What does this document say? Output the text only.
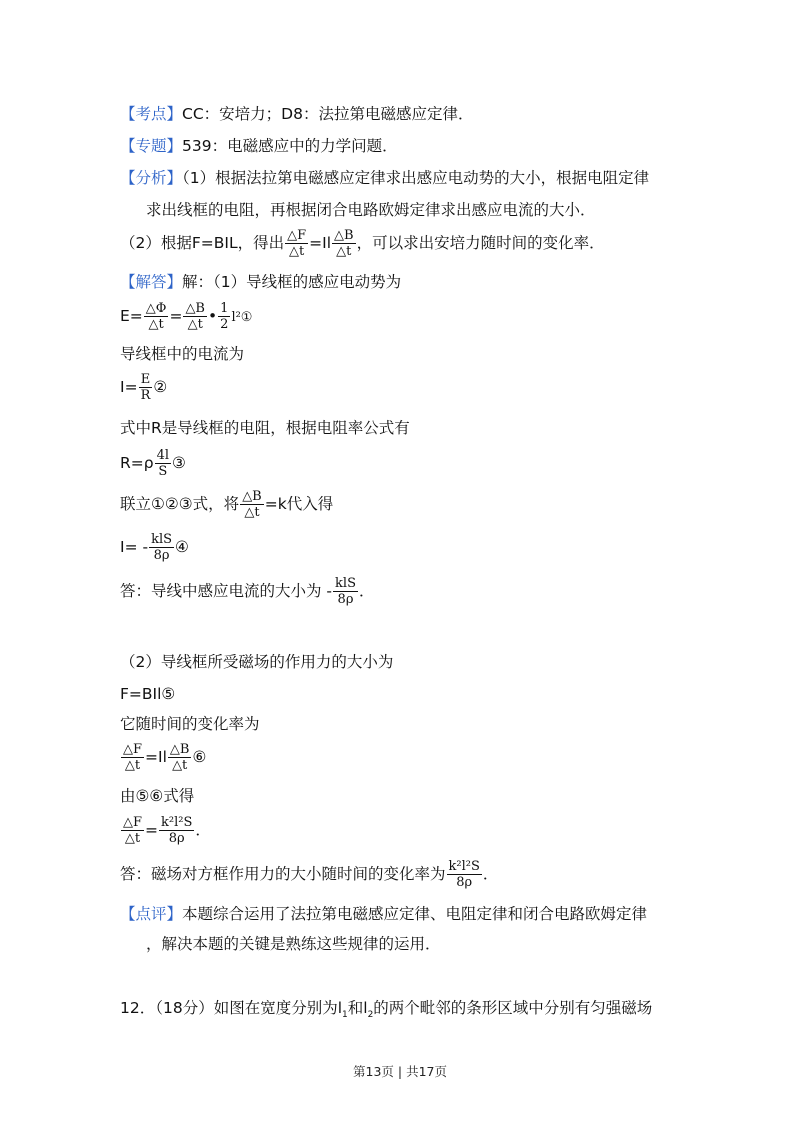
【考点】CC：安培力；D8：法拉第电磁感应定律．
【专题】539：电磁感应中的力学问题．
【分析】（1）根据法拉第电磁感应定律求出感应电动势的大小，根据电阻定律
求出线框的电阻，再根据闭合电路欧姆定律求出感应电流的大小．
（2）根据F=BIL，得出 $\frac{\triangle F}{\triangle t} =Il \frac{\triangle B}{\triangle t}$ ，可以求出安培力随时间的变化率．
【解答】解：（1）导线框的感应电动势为
$E= \frac{\triangle\Phi}{\triangle t} = \frac{\triangle B}{\triangle t}$ • $\frac{1}{2}$ l²①
导线框中的电流为
$I= \frac{E}{R}$ ②
式中R是导线框的电阻，根据电阻率公式有
$R=\rho \frac{4l}{S}$ ③
联立①②③式，将 $\frac{\triangle B}{\triangle t} =k$代入得
$I= - \frac{\text{klS}}{8\rho}$ ④
答：导线中感应电流的大小为 - $\frac{\text{klS}}{8\rho}$ ．
（2）导线框所受磁场的作用力的大小为
F=BIl⑤
它随时间的变化率为
$\frac{\triangle F}{\triangle t} =Il \frac{\triangle B}{\triangle t}$ ⑥
由⑤⑥式得
$\frac{\triangle F}{\triangle t} = \frac{\text{k²l²S}}{8\rho}$ ．
答：磁场对方框作用力的大小随时间的变化率为 $\frac{\text{k²l²S}}{8\rho}$ ．
【点评】本题综合运用了法拉第电磁感应定律、电阻定律和闭合电路欧姆定律
，解决本题的关键是熟练这些规律的运用．
12．（18分）如图在宽度分别为$l_1$和$l_2$的两个毗邻的条形区域中分别有匀强磁场
第13页 | 共17页
